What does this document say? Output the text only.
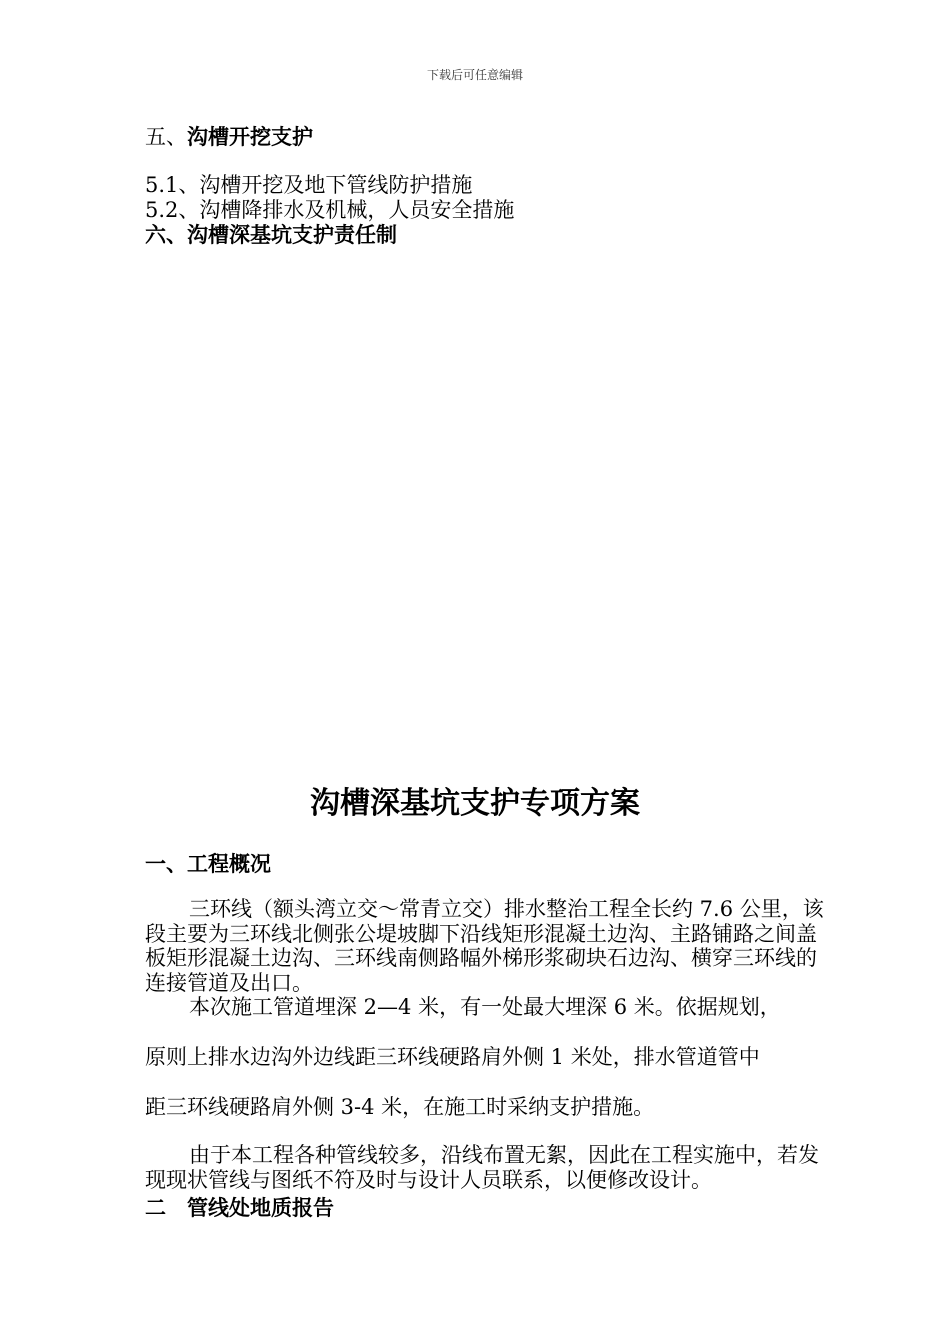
下载后可任意编辑
五、沟槽开挖支护
5.1、沟槽开挖及地下管线防护措施
5.2、沟槽降排水及机械，人员安全措施
六、沟槽深基坑支护责任制
沟槽深基坑支护专项方案
一、工程概况
三环线（额头湾立交～常青立交）排水整治工程全长约 7.6 公里，该段主要为三环线北侧张公堤坡脚下沿线矩形混凝土边沟、主路铺路之间盖板矩形混凝土边沟、三环线南侧路幅外梯形浆砌块石边沟、横穿三环线的连接管道及出口。
本次施工管道埋深 2—4 米，有一处最大埋深 6 米。依据规划，
原则上排水边沟外边线距三环线硬路肩外侧 1 米处，排水管道管中
距三环线硬路肩外侧 3-4 米，在施工时采纳支护措施。
由于本工程各种管线较多，沿线布置无絮，因此在工程实施中，若发现现状管线与图纸不符及时与设计人员联系，以便修改设计。
二　管线处地质报告
